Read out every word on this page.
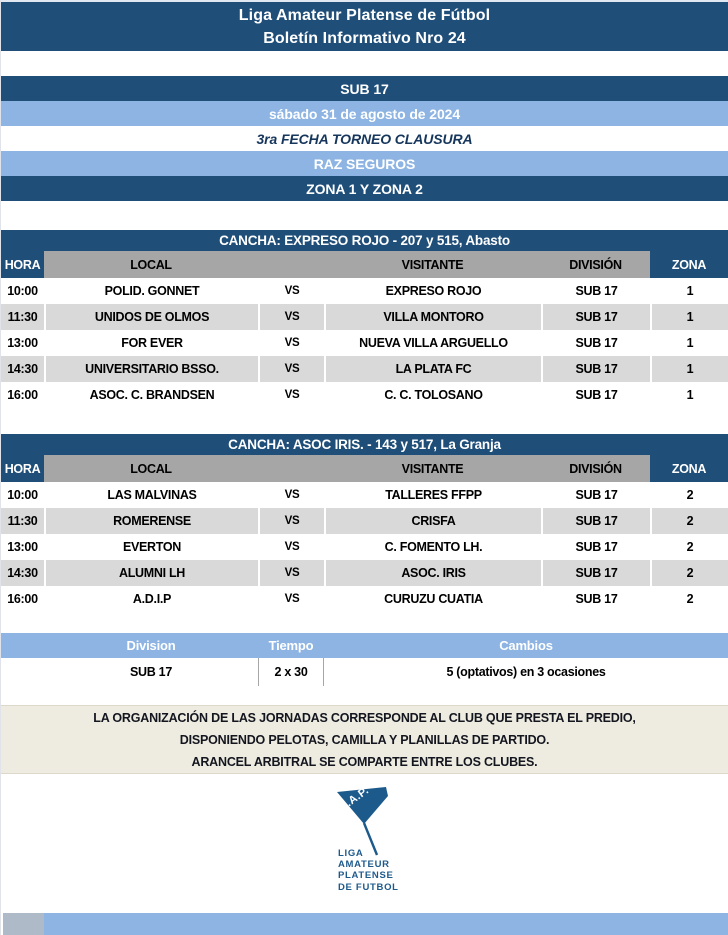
Liga Amateur Platense de Fútbol
Boletín Informativo Nro 24
SUB 17
sábado 31 de agosto de 2024
3ra FECHA TORNEO CLAUSURA
RAZ SEGUROS
ZONA 1 Y ZONA 2
CANCHA: EXPRESO ROJO - 207 y 515, Abasto
HORA	LOCAL	VISITANTE	DIVISIÓN	ZONA
10:00	POLID. GONNET	VS	EXPRESO ROJO	SUB 17	1
11:30	UNIDOS DE OLMOS	VS	VILLA MONTORO	SUB 17	1
13:00	FOR EVER	VS	NUEVA VILLA ARGUELLO	SUB 17	1
14:30	UNIVERSITARIO BSSO.	VS	LA PLATA FC	SUB 17	1
16:00	ASOC. C. BRANDSEN	VS	C. C. TOLOSANO	SUB 17	1
CANCHA: ASOC IRIS. - 143 y 517, La Granja
HORA	LOCAL	VISITANTE	DIVISIÓN	ZONA
10:00	LAS MALVINAS	VS	TALLERES FFPP	SUB 17	2
11:30	ROMERENSE	VS	CRISFA	SUB 17	2
13:00	EVERTON	VS	C. FOMENTO LH.	SUB 17	2
14:30	ALUMNI LH	VS	ASOC. IRIS	SUB 17	2
16:00	A.D.I.P	VS	CURUZU CUATIA	SUB 17	2
Division	Tiempo	Cambios
SUB 17	2 x 30	5 (optativos) en 3 ocasiones
LA ORGANIZACIÓN DE LAS JORNADAS CORRESPONDE AL CLUB QUE PRESTA EL PREDIO,
DISPONIENDO PELOTAS, CAMILLA Y PLANILLAS DE PARTIDO.
ARANCEL ARBITRAL SE COMPARTE ENTRE LOS CLUBES.
L.A.P.
LIGA
AMATEUR
PLATENSE
DE FUTBOL
